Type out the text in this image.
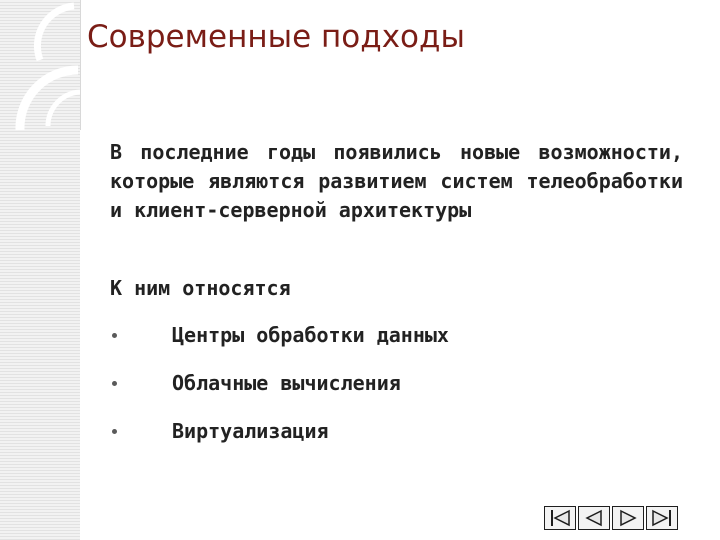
Современные подходы

В последние годы появились новые возможности, которые являются развитием систем телеобработки и клиент-серверной архитектуры

К ним относятся

Центры обработки данных
Облачные вычисления
Виртуализация
